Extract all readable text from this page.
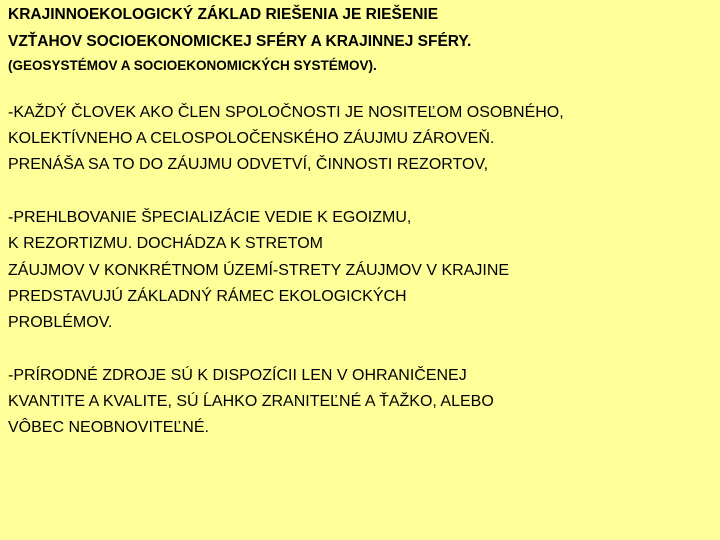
KRAJINNOEKOLOGICKÝ ZÁKLAD RIEŠENIA JE RIEŠENIE
VZŤAHOV SOCIOEKONOMICKEJ SFÉRY A KRAJINNEJ SFÉRY.
(GEOSYSTÉMOV A SOCIOEKONOMICKÝCH SYSTÉMOV).
-KAŽDÝ ČLOVEK AKO ČLEN SPOLOČNOSTI JE NOSITEĽOM OSOBNÉHO,
KOLEKTÍVNEHO A CELOSPOLOČENSKÉHO ZÁUJMU ZÁROVEŇ.
PRENÁŠA SA TO DO ZÁUJMU ODVETVÍ, ČINNOSTI REZORTOV,
-PREHLBOVANIE ŠPECIALIZÁCIE VEDIE K EGOIZMU,
K REZORTIZMU. DOCHÁDZA K STRETOM
ZÁUJMOV V KONKRÉTNOM ÚZEMÍ-STRETY ZÁUJMOV V KRAJINE
PREDSTAVUJÚ ZÁKLADNÝ RÁMEC EKOLOGICKÝCH
PROBLÉMOV.
-PRÍRODNÉ ZDROJE SÚ K DISPOZÍCII LEN V OHRANIČENEJ
KVANTITE A KVALITE, SÚ ĹAHKO ZRANITEĽNÉ A ŤAŽKO, ALEBO
VÔBEC NEOBNOVITEĽNÉ.
